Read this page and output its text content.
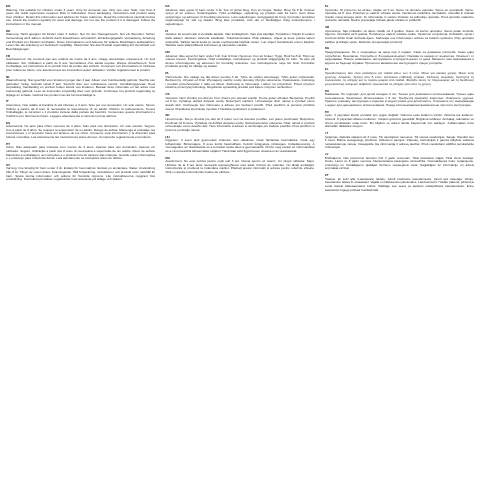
EN

Warning. Not suitable for children under 3 years. Only for domestic use. Only one user. Safe. Use from 8 years old. Adult supervision required. Risk of suffocation. Keep packaging, instructions and product away from children. Retain this information and address for future reference. Read the instructions carefully before use. Check the product regularly for wear and damage. Do not use the product if it is damaged. Follow the instructions in the manual.

DE

Warnung. Nicht geeignet für Kinder unter 3 Jahren. Nur für den Hausgebrauch. Nur ein Benutzer. Sicher. Verwendung ab 8 Jahren. Aufsicht durch Erwachsene erforderlich. Erstickungsgefahr. Verpackung, Anleitung und Produkt von Kindern fernhalten. Diese Informationen und Adresse für spätere Rückfragen aufbewahren. Lesen Sie die Anleitung vor Gebrauch sorgfältig. Überprüfen Sie das Produkt regelmäßig auf Verschleiß und Beschädigungen.

FR

Avertissement. Ne convient pas aux enfants de moins de 3 ans. Usage domestique uniquement. Un seul utilisateur. Sûr. Utilisation à partir de 8 ans. Surveillance d'un adulte requise. Risque d'étouffement. Tenir l'emballage, les instructions et le produit hors de portée des enfants. Conserver ces informations et l'adresse pour référence future. Lire attentivement les instructions avant utilisation. Vérifier régulièrement le produit.

NL

Waarschuwing. Niet geschikt voor kinderen jonger dan 3 jaar. Alleen voor huishoudelijk gebruik. Slechts één gebruiker. Veilig. Gebruik vanaf 8 jaar. Toezicht door een volwassene vereist. Verstikkingsgevaar. Houd verpakking, handleiding en product buiten bereik van kinderen. Bewaar deze informatie en het adres voor toekomstig gebruik. Lees de instructies zorgvuldig door voor gebruik. Controleer het product regelmatig op slijtage en schade. Gebruik het product niet als het beschadigd is.

IT

Attenzione. Non adatto ai bambini di età inferiore a 3 anni. Solo per uso domestico. Un solo utente. Sicuro. Utilizzo a partire da 8 anni. È necessaria la supervisione di un adulto. Rischio di soffocamento. Tenere l'imballaggio, le istruzioni e il prodotto lontano dalla portata dei bambini. Conservare queste informazioni e l'indirizzo per riferimento futuro. Leggere attentamente le istruzioni prima dell'uso.

ES

Advertencia. No apto para niños menores de 3 años. Solo para uso doméstico. Un solo usuario. Seguro. Uso a partir de 8 años. Se requiere la supervisión de un adulto. Riesgo de asfixia. Mantenga el embalaje, las instrucciones y el producto fuera del alcance de los niños. Conserve esta información y la dirección para futuras consultas. Lea atentamente las instrucciones antes del uso. Compruebe regularmente el producto.

PT

Aviso. Não adequado para crianças com menos de 3 anos. Apenas para uso doméstico. Apenas um utilizador. Seguro. Utilização a partir dos 8 anos. É necessária a supervisão de um adulto. Risco de asfixia. Mantenha a embalagem, as instruções e o produto fora do alcance das crianças. Guarde estas informações e o endereço para referência futura. Leia atentamente as instruções antes de utilizar.

SV

Varning. Inte lämplig för barn under 3 år. Endast för hemmabruk. Endast en användare. Säker. Användning från 8 år. Tillsyn av vuxen krävs. Kvävningsrisk. Håll förpackning, instruktioner och produkt utom räckhåll för barn. Spara denna information och adress för framtida referens. Läs instruktionerna noggrant före användning. Kontrollera produkten regelbundet med avseende på slitage och skador.

DA

Advarsel. Ikke egnet til børn under 3 år. Kun til privat brug. Kun én bruger. Sikker. Brug fra 8 år. Kræver opsyn af en voksen. Kvælningsfare. Hold emballage, vejledning og produkt væk fra børn. Gem disse oplysninger og adressen til fremtidig reference. Læs vejledningen omhyggeligt før brug. Kontroller produktet regelmæssigt for slid og skader. Brug ikke produktet, hvis det er beskadiget. Følg instruktionerne i vejledningen.

FI

Varoitus. Ei sovellu alle 3-vuotiaille lapsille. Vain kotikäyttöön. Vain yksi käyttäjä. Turvallinen. Käyttö 8 vuoden iästä alkaen. Aikuisen valvonta vaaditaan. Tukehtumisvaara. Pidä pakkaus, ohjeet ja tuote poissa lasten ulottuvilta. Säilytä nämä tiedot ja osoite myöhempää käyttöä varten. Lue ohjeet huolellisesti ennen käyttöä. Tarkista tuote säännöllisesti kulumisen ja vaurioiden varalta.

NO

Advarsel. Ikke egnet for barn under 3 år. Kun til bruk i hjemmet. Kun én bruker. Trygg. Bruk fra 8 år. Tilsyn av voksen kreves. Kvelningsfare. Hold emballasje, instruksjoner og produkt utilgjengelig for barn. Ta vare på denne informasjonen og adressen for fremtidig referanse. Les instruksjonene nøye før bruk. Kontroller produktet jevnlig for slitasje og skader.

PL

Ostrzeżenie. Nie nadaje się dla dzieci poniżej 3 lat. Tylko do użytku domowego. Tylko jeden użytkownik. Bezpieczny. Używać od 8 lat. Wymagany nadzór osoby dorosłej. Ryzyko uduszenia. Opakowanie, instrukcję i produkt przechowywać z dala od dzieci. Zachowaj te informacje i adres na przyszłość. Przed użyciem uważnie przeczytaj instrukcję. Regularnie sprawdzaj produkt pod kątem zużycia i uszkodzeń.

CS

Varování. Není vhodné pro děti do 3 let. Pouze pro domácí použití. Pouze jeden uživatel. Bezpečné. Použití od 8 let. Vyžaduje dohled dospělé osoby. Nebezpečí udušení. Uchovávejte obal, návod a výrobek mimo dosah dětí. Uschovejte tyto informace a adresu pro budoucí použití. Před použitím si pozorně přečtěte návod. Pravidelně kontrolujte výrobek z hlediska opotřebení a poškození.

SK

Upozornenie. Nie je vhodné pre deti do 3 rokov. Len na domáce použitie. Len jeden používateľ. Bezpečné. Používať od 8 rokov. Vyžaduje sa dohľad dospelej osoby. Nebezpečenstvo udusenia. Obal, návod a výrobok uchovávajte mimo dosahu detí. Tieto informácie a adresu si uschovajte pre budúce použitie. Pred použitím si pozorne prečítajte návod.

HU

Figyelem. 3 éven aluli gyermekek számára nem alkalmas. Csak háztartási használatra. Csak egy felhasználó. Biztonságos. 8 éves kortól használható. Felnőtt felügyelete szükséges. Fulladásveszély. A csomagolást, az utasításokat és a terméket tartsa távol a gyermekektől. Őrizze meg ezeket az információkat és a címet későbbi felhasználás céljából. Használat előtt figyelmesen olvassa el az utasításokat.

RO

Avertisment. Nu este potrivit pentru copii sub 3 ani. Numai pentru uz casnic. Un singur utilizator. Sigur. Utilizare de la 8 ani. Este necesară supravegherea unui adult. Pericol de sufocare. Nu lăsați ambalajul, instrucțiunile și produsul la îndemâna copiilor. Păstrați aceste informații și adresa pentru referințe viitoare. Citiți cu atenție instrucțiunile înainte de utilizare.

SL

Opozorilo. Ni primerno za otroke, mlajše od 3 let. Samo za domačo uporabo. Samo en uporabnik. Varno. Uporaba od 8. leta. Potreben je nadzor odrasle osebe. Nevarnost zadušitve. Embalažo, navodila in izdelek hranite zunaj dosega otrok. Te informacije in naslov shranite za prihodnjo uporabo. Pred uporabo natančno preberite navodila. Redno preverjajte izdelek glede obrabe in poškodb.

HR

Upozorenje. Nije prikladno za djecu mlađu od 3 godine. Samo za kućnu upotrebu. Samo jedan korisnik. Sigurno. Upotreba od 8 godina. Potreban je nadzor odrasle osobe. Opasnost od gušenja. Ambalažu, upute i proizvod držite izvan dohvata djece. Sačuvajte ove informacije i adresu za buduću upotrebu. Prije upotrebe pažljivo pročitajte upute. Redovito provjeravajte proizvod.

BG

Предупреждение. Не е подходящо за деца под 3 години. Само за домашна употреба. Само един потребител. Безопасно. Употреба от 8-годишна възраст. Изисква се надзор от възрастен. Опасност от задушаване. Пазете опаковката, инструкциите и продукта далеч от деца. Запазете тази информация и адреса за бъдещи справки. Прочетете внимателно инструкциите преди употреба.

EL

Προειδοποίηση. Δεν είναι κατάλληλο για παιδιά κάτω των 3 ετών. Μόνο για οικιακή χρήση. Μόνο ένας χρήστης. Ασφαλές. Χρήση από 8 ετών. Απαιτείται επίβλεψη ενήλικα. Κίνδυνος ασφυξίας. Κρατήστε τη συσκευασία, τις οδηγίες και το προϊόν μακριά από παιδιά. Φυλάξτε αυτές τις πληροφορίες και τη διεύθυνση για μελλοντική αναφορά. Διαβάστε προσεκτικά τις οδηγίες πριν από τη χρήση.

RU

Внимание. Не подходит для детей младше 3 лет. Только для домашнего использования. Только один пользователь. Безопасно. Использовать с 8 лет. Требуется присмотр взрослых. Опасность удушья. Храните упаковку, инструкцию и изделие в недоступном для детей месте. Сохраните эту информацию и адрес для дальнейшего использования. Перед использованием внимательно прочтите инструкцию.

TR

Uyarı. 3 yaşından küçük çocuklar için uygun değildir. Yalnızca evde kullanım içindir. Yalnızca tek kullanıcı. Güvenli. 8 yaşından itibaren kullanım. Yetişkin gözetimi gereklidir. Boğulma tehlikesi. Ambalajı, talimatları ve ürünü çocuklardan uzak tutun. Bu bilgileri ve adresi ileride başvurmak için saklayın. Kullanmadan önce talimatları dikkatlice okuyun.

LT

Įspėjimas. Netinka vaikams iki 3 metų. Tik naudojimui namuose. Tik vienas naudotojas. Saugu. Naudoti nuo 8 metų. Būtina suaugusiųjų priežiūra. Uždusimo pavojus. Pakuotę, instrukcijas ir gaminį laikykite vaikams nepasiekiamoje vietoje. Išsaugokite šią informaciją ir adresą ateičiai. Prieš naudodami atidžiai perskaitykite instrukcijas.

LV

Brīdinājums. Nav piemērots bērniem līdz 3 gadu vecumam. Tikai lietošanai mājās. Tikai viens lietotājs. Drošs. Lietot no 8 gadu vecuma. Nepieciešama pieaugušo uzraudzība. Nosmakšanas risks. Iepakojumu, instrukciju un izstrādājumu glabājiet bērniem nepieejamā vietā. Saglabājiet šo informāciju un adresi turpmākai uzziņai.

ET

Hoiatus. Ei sobi alla 3-aastastele lastele. Ainult koduseks kasutamiseks. Ainult üks kasutaja. Ohutu. Kasutamine alates 8. eluaastast. Vajalik on täiskasvanu järelevalve. Lämbumisoht. Hoidke pakend, juhised ja toode lastele kättesaamatus kohas. Säilitage see teave ja aadress edaspidiseks kasutamiseks. Enne kasutamist lugege juhised hoolikalt läbi.
